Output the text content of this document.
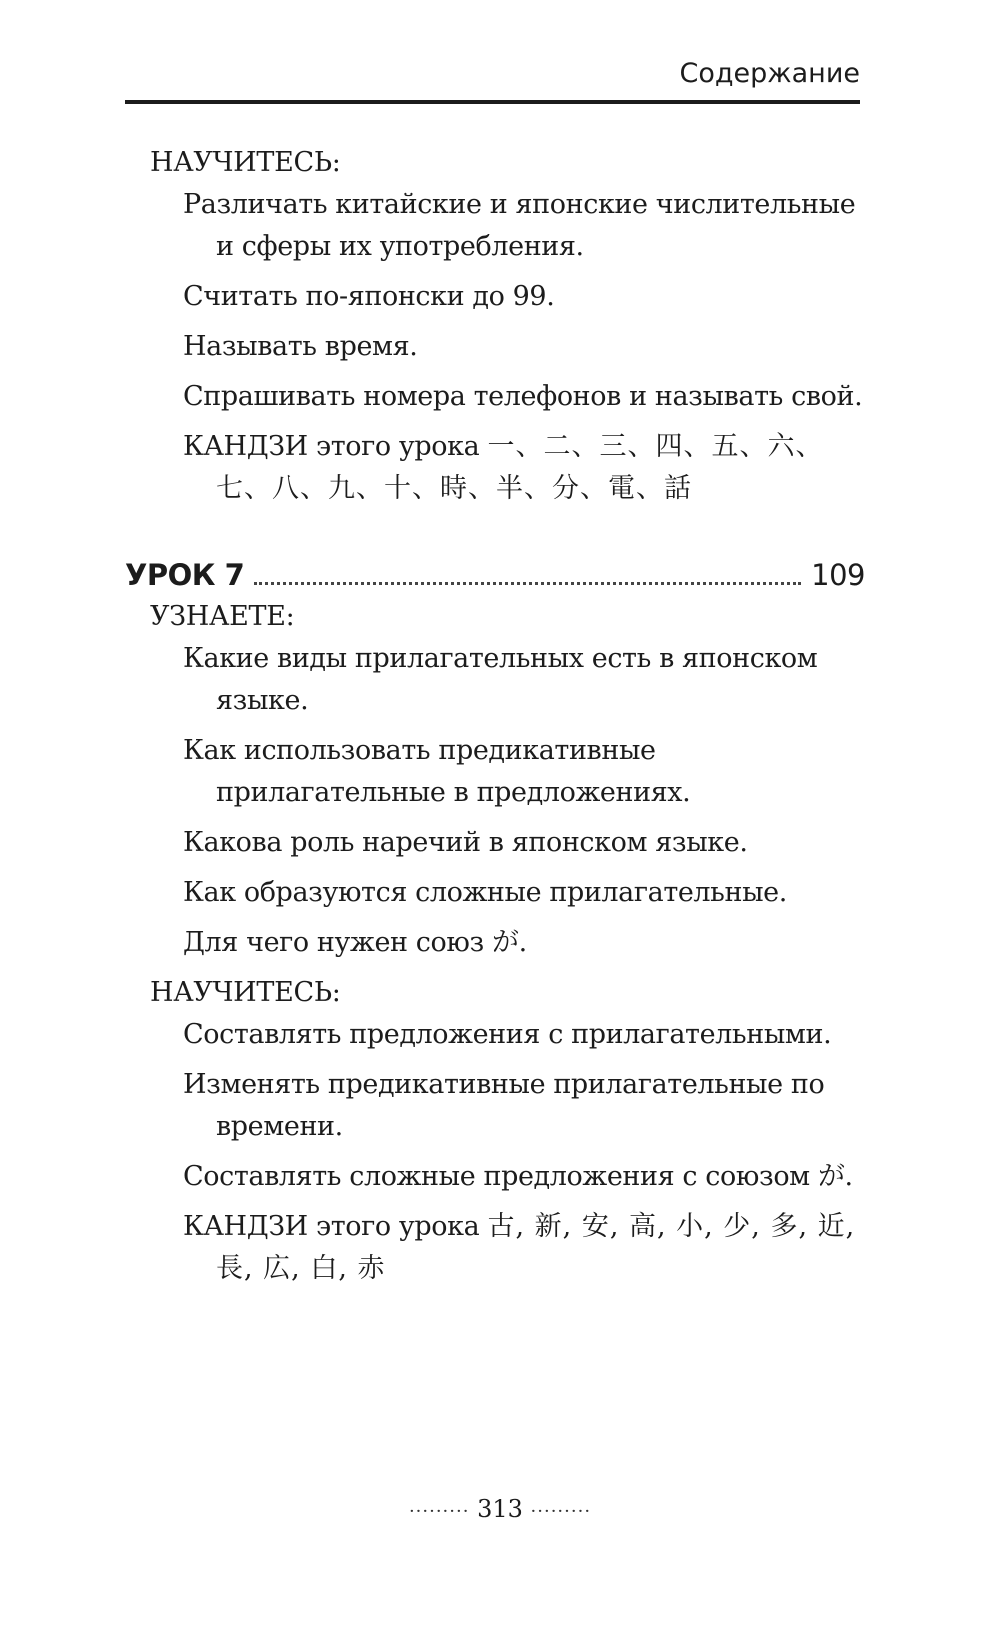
Содержание
НАУЧИТЕСЬ:
Различать китайские и японские числительные и сферы их употребления.
Считать по-японски до 99.
Называть время.
Спрашивать номера телефонов и называть свой.
КАНДЗИ этого урока 一、二、三、四、五、六、七、八、九、十、時、半、分、電、話
УРОК 7	109
УЗНАЕТЕ:
Какие виды прилагательных есть в японском языке.
Как использовать предикативные прилагательные в предложениях.
Какова роль наречий в японском языке.
Как образуются сложные прилагательные.
Для чего нужен союз が.
НАУЧИТЕСЬ:
Составлять предложения с прилагательными.
Изменять предикативные прилагательные по времени.
Составлять сложные предложения с союзом が.
КАНДЗИ этого урока 古, 新, 安, 高, 小, 少, 多, 近, 長, 広, 白, 赤
········· 313 ·········
